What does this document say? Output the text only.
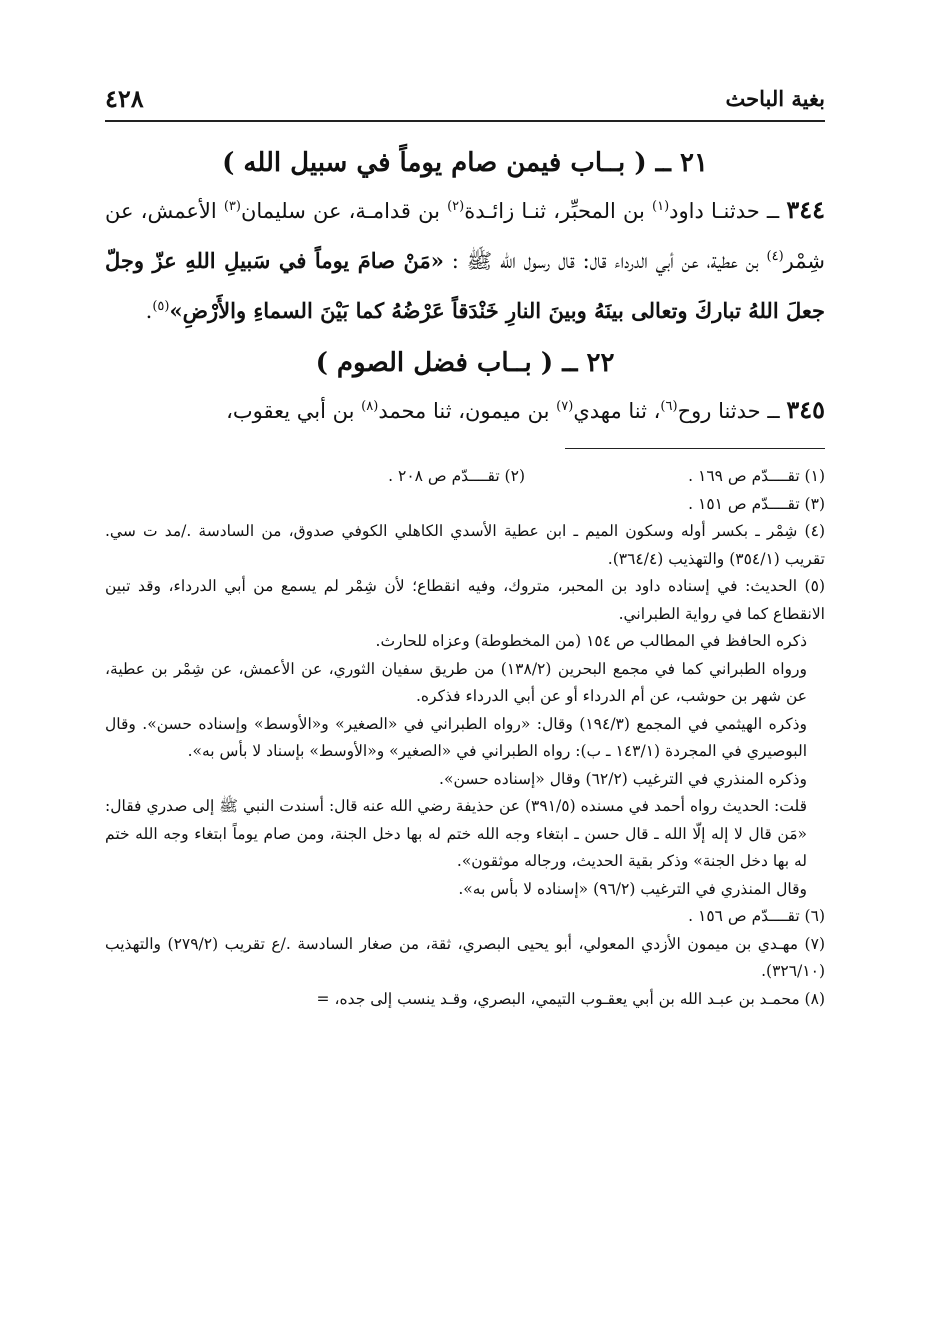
بغية الباحث
٤٢٨
٢١ ــ ( بــاب فيمن صام يوماً في سبيل الله )

٣٤٤ ــ حدثنـا داود$^{(١)}$ بن المحبِّر، ثنـا زائـدة$^{(٢)}$ بن قدامـة، عن سليمان$^{(٣)}$ الأعمش، عن شِمْر$^{(٤)}$ بن عطية، عن أبي الدرداء قال: قال رسول الله ﷺ : «مَنْ صامَ يوماً في سَبيلِ اللهِ عزّ وجلّ جعلَ اللهُ تباركَ وتعالى بينَهُ وبينَ النارِ خَنْدَقاً عَرْضُهُ كما بَيْنَ السماءِ والأَرْضِ»$^{(٥)}$.

٢٢ ــ ( بــاب فضل الصوم )

٣٤٥ ــ حدثنا روح$^{(٦)}$، ثنا مهدي$^{(٧)}$ بن ميمون، ثنا محمد$^{(٨)}$ بن أبي يعقوب،

(١) تقــــدّم ص ١٦٩ .
(٢) تقــــدّم ص ٢٠٨ .

(٣) تقــــدّم ص ١٥١ .

(٤) شِمْر ـ بكسر أوله وسكون الميم ـ ابن عطية الأسدي الكاهلي الكوفي صدوق، من السادسة ./مد ت سي. تقريب (٣٥٤/١) والتهذيب (٣٦٤/٤).

(٥) الحديث: في إسناده داود بن المحبر، متروك، وفيه انقطاع؛ لأن شِمْر لم يسمع من أبي الدرداء، وقد تبين الانقطاع كما في رواية الطبراني.

ذكره الحافظ في المطالب ص ١٥٤ (من المخطوطة) وعزاه للحارث.

ورواه الطبراني كما في مجمع البحرين (١٣٨/٢) من طريق سفيان الثوري، عن الأعمش، عن شِمْر بن عطية، عن شهر بن حوشب، عن أم الدرداء أو عن أبي الدرداء فذكره.

وذكره الهيثمي في المجمع (١٩٤/٣) وقال: «رواه الطبراني في «الصغير» و«الأوسط» وإسناده حسن». وقال البوصيري في المجردة (١٤٣/١ ـ ب): رواه الطبراني في «الصغير» و«الأوسط» بإسناد لا بأس به».

وذكره المنذري في الترغيب (٦٢/٢) وقال «إسناده حسن».

قلت: الحديث رواه أحمد في مسنده (٣٩١/٥) عن حذيفة رضي الله عنه قال: أسندت النبي ﷺ إلى صدري فقال: «مَن قال لا إله إلّا الله ـ قال حسن ـ ابتغاء وجه الله ختم له بها دخل الجنة، ومن صام يوماً ابتغاء وجه الله ختم له بها دخل الجنة» وذكر بقية الحديث، ورجاله موثقون».

وقال المنذري في الترغيب (٩٦/٢) «إسناده لا بأس به».

(٦) تقــــدّم ص ١٥٦ .

(٧) مهـدي بن ميمون الأزدي المعولي، أبو يحيى البصري، ثقة، من صغار السادسة ./ع تقريب (٢٧٩/٢) والتهذيب (٣٢٦/١٠).

(٨) محمـد بن عبـد الله بن أبي يعقـوب التيمي، البصري، وقـد ينسب إلى جده، =
